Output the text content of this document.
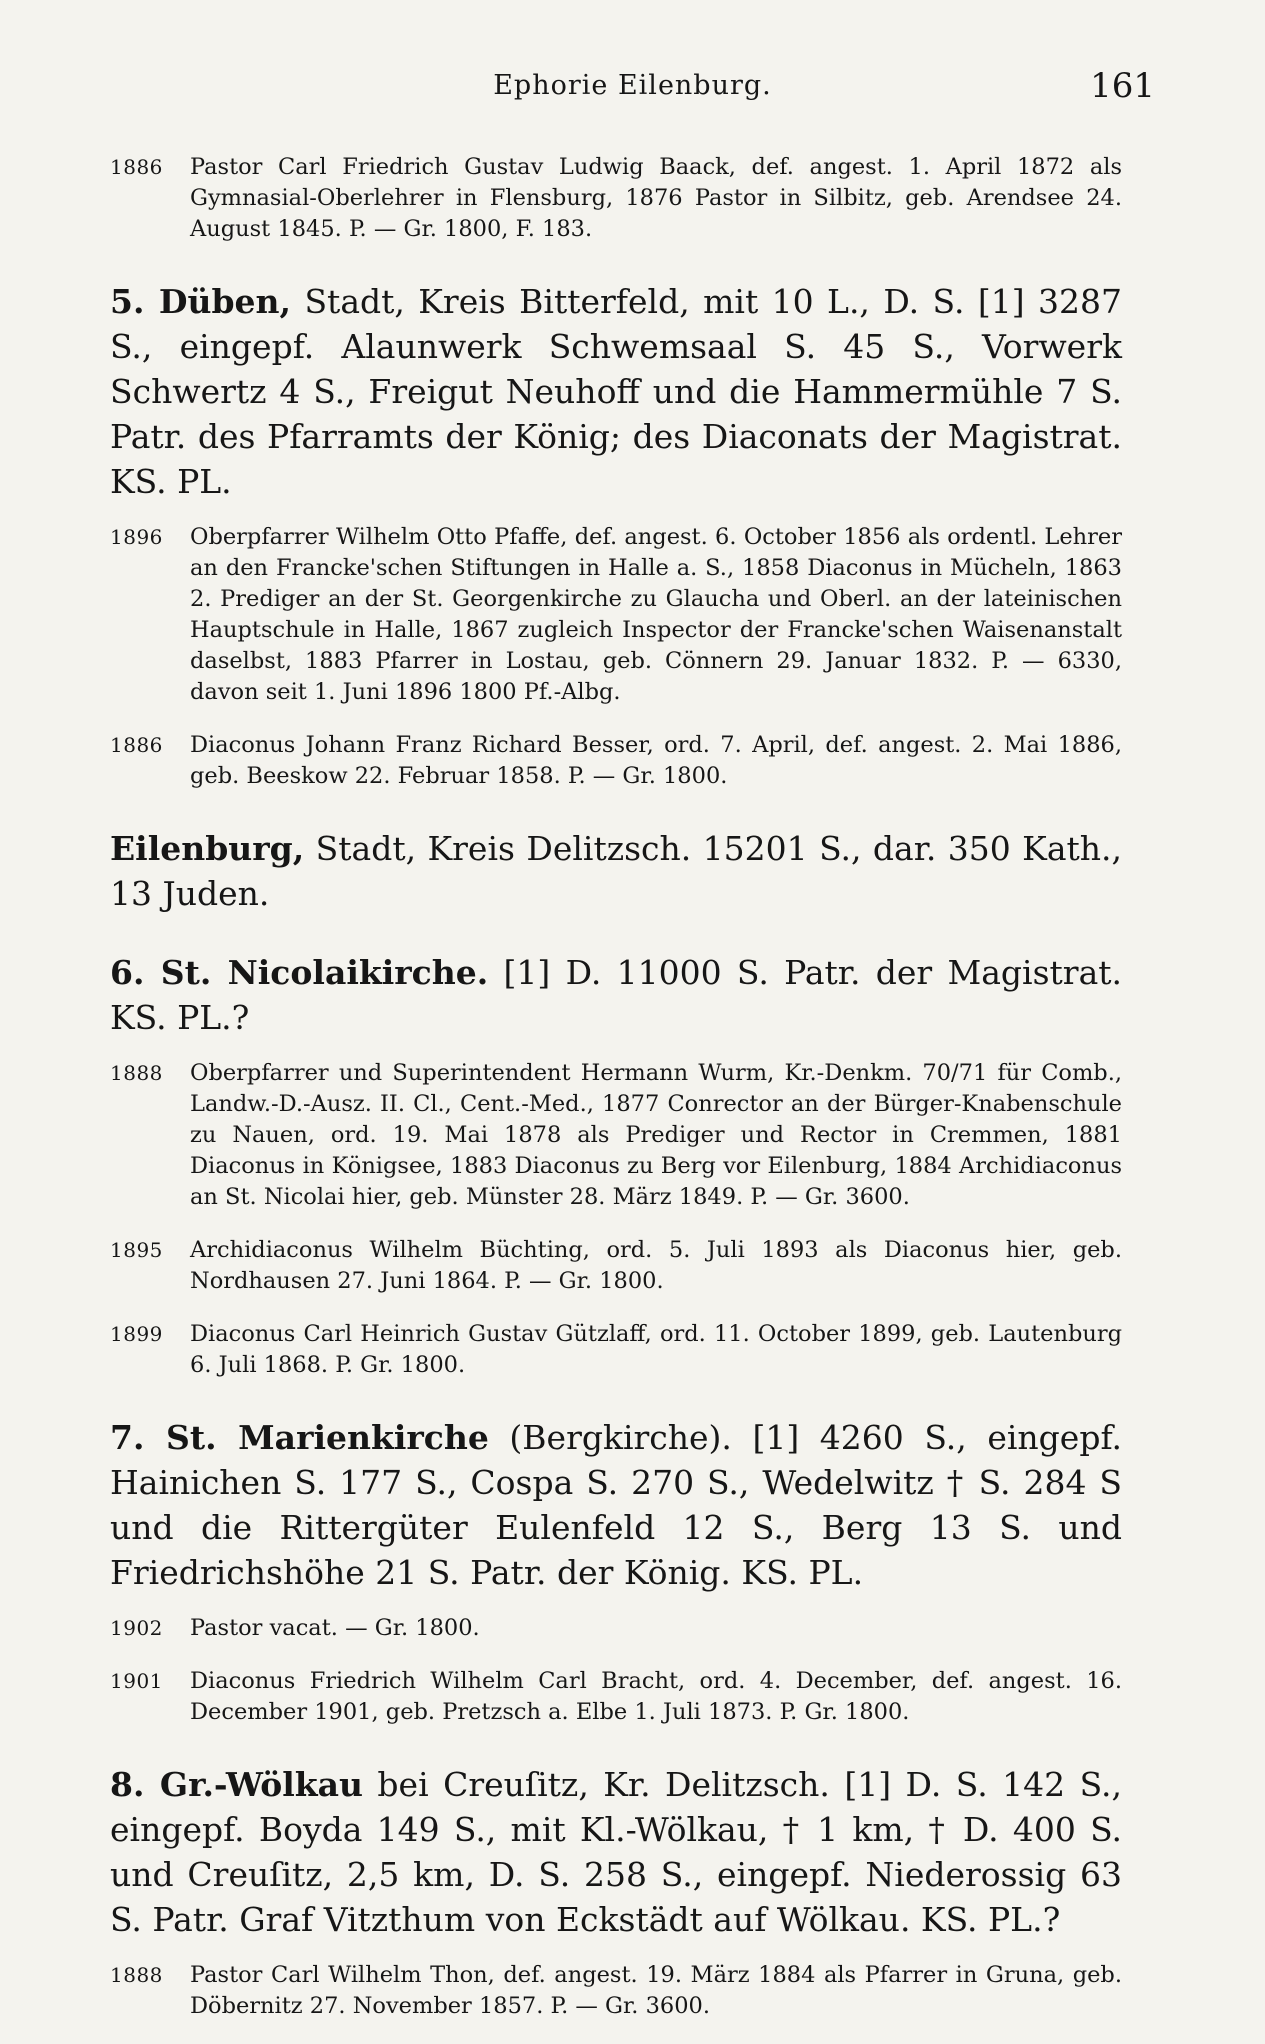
Ephorie Eilenburg.	161
1886	Pastor Carl Friedrich Gustav Ludwig Baack, def. angest. 1. April 1872 als Gymnasial-Oberlehrer in Flensburg, 1876 Pastor in Silbitz, geb. Arendsee 24. August 1845. P. — Gr. 1800, F. 183.
5. Düben, Stadt, Kreis Bitterfeld, mit 10 L., D. S. [1] 3287 S., eingepf. Alaunwerk Schwemsaal S. 45 S., Vorwerk Schwertz 4 S., Freigut Neuhoff und die Hammermühle 7 S. Patr. des Pfarramts der König; des Diaconats der Magistrat. KS. PL.
1896	Oberpfarrer Wilhelm Otto Pfaffe, def. angest. 6. October 1856 als ordentl. Lehrer an den Francke'schen Stiftungen in Halle a. S., 1858 Diaconus in Mücheln, 1863 2. Prediger an der St. Georgenkirche zu Glaucha und Oberl. an der lateinischen Hauptschule in Halle, 1867 zugleich Inspector der Francke'schen Waisenanstalt daselbst, 1883 Pfarrer in Lostau, geb. Cönnern 29. Januar 1832. P. — 6330, davon seit 1. Juni 1896 1800 Pf.-Albg.
1886	Diaconus Johann Franz Richard Besser, ord. 7. April, def. angest. 2. Mai 1886, geb. Beeskow 22. Februar 1858. P. — Gr. 1800.
Eilenburg, Stadt, Kreis Delitzsch. 15201 S., dar. 350 Kath., 13 Juden.
6. St. Nicolaikirche. [1] D. 11000 S. Patr. der Magistrat. KS. PL.?
1888	Oberpfarrer und Superintendent Hermann Wurm, Kr.-Denkm. 70/71 für Comb., Landw.-D.-Ausz. II. Cl., Cent.-Med., 1877 Conrector an der Bürger-Knabenschule zu Nauen, ord. 19. Mai 1878 als Prediger und Rector in Cremmen, 1881 Diaconus in Königsee, 1883 Diaconus zu Berg vor Eilenburg, 1884 Archidiaconus an St. Nicolai hier, geb. Münster 28. März 1849. P. — Gr. 3600.
1895	Archidiaconus Wilhelm Büchting, ord. 5. Juli 1893 als Diaconus hier, geb. Nordhausen 27. Juni 1864. P. — Gr. 1800.
1899	Diaconus Carl Heinrich Gustav Gützlaff, ord. 11. October 1899, geb. Lautenburg 6. Juli 1868. P. Gr. 1800.
7. St. Marienkirche (Bergkirche). [1] 4260 S., eingepf. Hainichen S. 177 S., Cospa S. 270 S., Wedelwitz † S. 284 S und die Rittergüter Eulenfeld 12 S., Berg 13 S. und Friedrichshöhe 21 S. Patr. der König. KS. PL.
1902	Pastor vacat. — Gr. 1800.
1901	Diaconus Friedrich Wilhelm Carl Bracht, ord. 4. December, def. angest. 16. December 1901, geb. Pretzsch a. Elbe 1. Juli 1873. P. Gr. 1800.
8. Gr.-Wölkau bei Creuſitz, Kr. Delitzsch. [1] D. S. 142 S., eingepf. Boyda 149 S., mit Kl.-Wölkau, † 1 km, † D. 400 S. und Creuſitz, 2,5 km, D. S. 258 S., eingepf. Niederossig 63 S. Patr. Graf Vitzthum von Eckstädt auf Wölkau. KS. PL.?
1888	Pastor Carl Wilhelm Thon, def. angest. 19. März 1884 als Pfarrer in Gruna, geb. Döbernitz 27. November 1857. P. — Gr. 3600.
